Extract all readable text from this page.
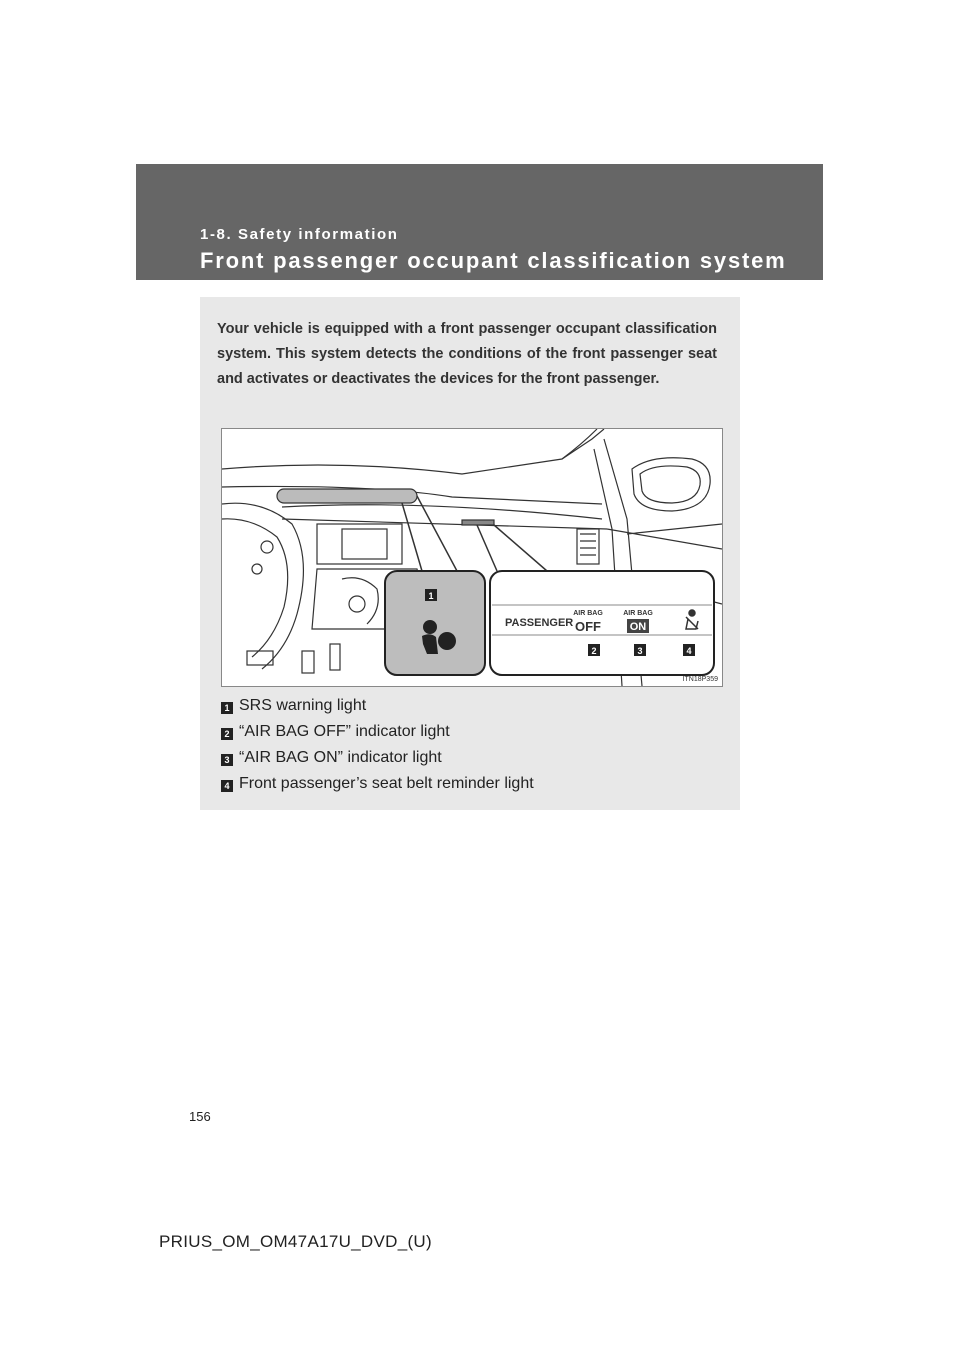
1-8. Safety information
Front passenger occupant classification system
Your vehicle is equipped with a front passenger occupant classification system. This system detects the conditions of the front passenger seat and activates or deactivates the devices for the front passenger.
1
PASSENGER
AIR BAG
OFF
AIR BAG
ON
2	3	4
ITN18P359
1 SRS warning light
2 “AIR BAG OFF” indicator light
3 “AIR BAG ON” indicator light
4 Front passenger’s seat belt reminder light
156
PRIUS_OM_OM47A17U_DVD_(U)
